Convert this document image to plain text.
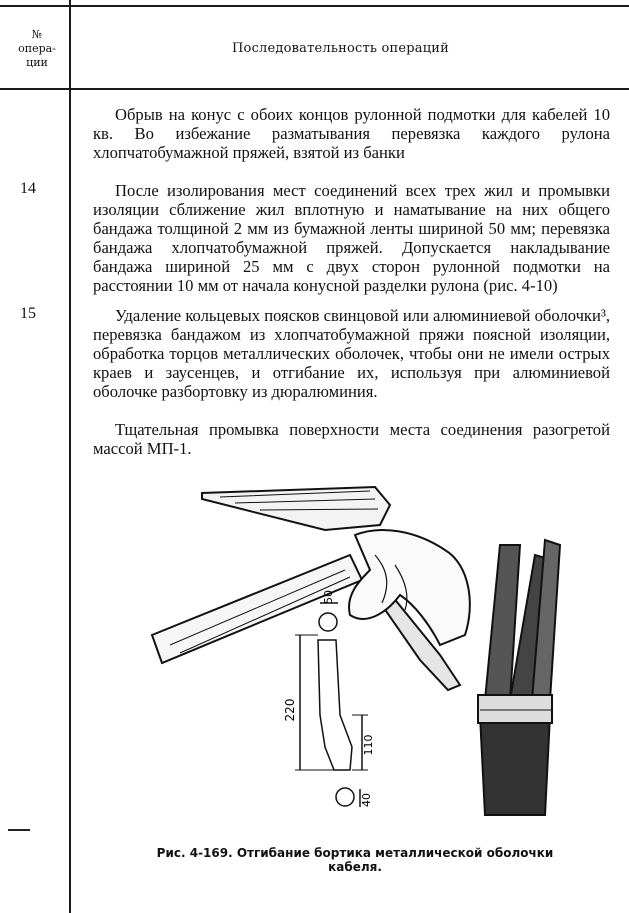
№
опера-
ции
Последовательность операций
14
15
Обрыв на конус с обоих концов рулонной подмотки для кабелей 10 кв. Во избежание разматывания перевязка каждого рулона хлопчатобумажной пряжей, взятой из банки
После изолирования мест соединений всех трех жил и промывки изоляции сближение жил вплотную и наматывание на них общего бандажа толщиной 2 мм из бумажной ленты шириной 50 мм; перевязка бандажа хлопчатобумажной пряжей. Допускается накладывание бандажа шириной 25 мм с двух сторон рулонной подмотки на расстоянии 10 мм от начала конусной разделки рулона (рис. 4-10)
Удаление кольцевых поясков свинцовой или алюминиевой оболочки³, перевязка бандажом из хлопчатобумажной пряжи поясной изоляции, обработка торцов металлических оболочек, чтобы они не имели острых краев и заусенцев, и отгибание их, используя при алюминиевой оболочке разбортовку из дюралюминия.
Тщательная промывка поверхности места соединения разогретой массой МП-1.
50
220
110
40
Рис. 4-169. Отгибание бортика металлической оболочки
кабеля.
